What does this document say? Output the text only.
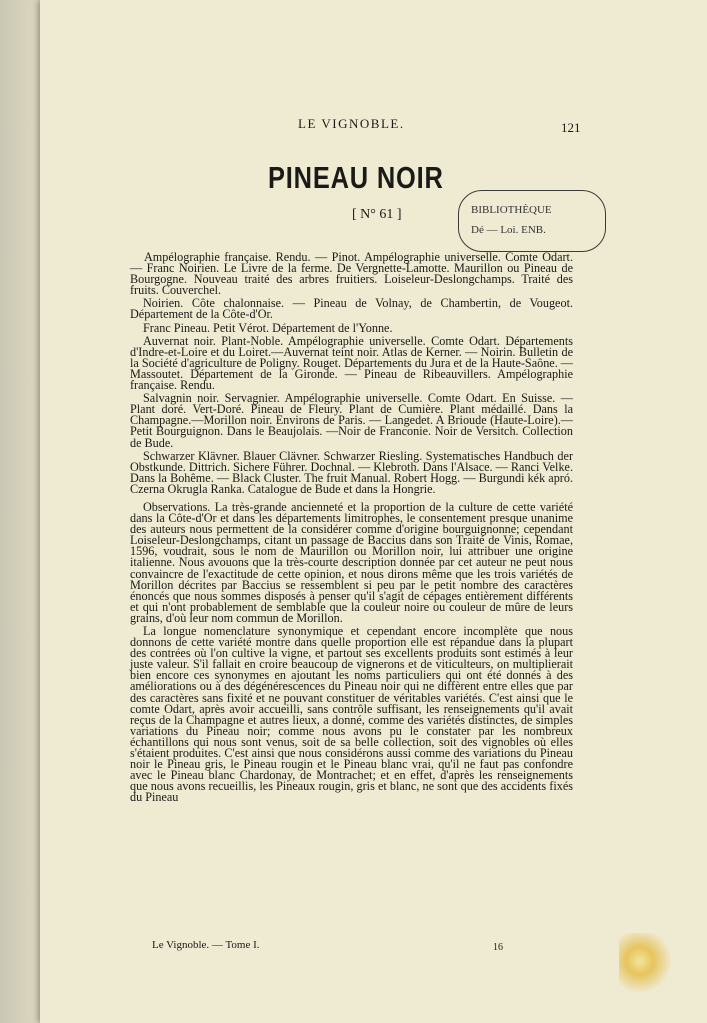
LE VIGNOBLE.	121
PINEAU NOIR
[ N° 61 ]	BIBLIOTHÈQUE
Dé — Loi. ENB.

Ampélographie française. Rendu. — Pinot. Ampélographie universelle. Comte Odart. — Franc Noirien. Le Livre de la ferme. De Vergnette-Lamotte. Maurillon ou Pineau de Bourgogne. Nouveau traité des arbres fruitiers. Loiseleur-Deslongchamps. Traité des fruits. Couverchel.

Noirien. Côte chalonnaise. — Pineau de Volnay, de Chambertin, de Vougeot. Département de la Côte-d'Or.

Franc Pineau. Petit Vérot. Département de l'Yonne.

Auvernat noir. Plant-Noble. Ampélographie universelle. Comte Odart. Départements d'Indre-et-Loire et du Loiret.—Auvernat teint noir. Atlas de Kerner. — Noirin. Bulletin de la Société d'agriculture de Poligny. Rouget. Départements du Jura et de la Haute-Saône. —Massoutet. Département de la Gironde. — Pineau de Ribeauvillers. Ampélographie française. Rendu.

Salvagnin noir. Servagnier. Ampélographie universelle. Comte Odart. En Suisse. — Plant doré. Vert-Doré. Pineau de Fleury. Plant de Cumière. Plant médaillé. Dans la Champagne.—Morillon noir. Environs de Paris. — Langedet. A Brioude (Haute-Loire).— Petit Bourguignon. Dans le Beaujolais. —Noir de Franconie. Noir de Versitch. Collection de Bude.

Schwarzer Klävner. Blauer Clävner. Schwarzer Riesling. Systematisches Handbuch der Obstkunde. Dittrich. Sichere Führer. Dochnal. — Klebroth. Dans l'Alsace. — Ranci Velke. Dans la Bohême. — Black Cluster. The fruit Manual. Robert Hogg. — Burgundi kék apró. Czerna Okrugla Ranka. Catalogue de Bude et dans la Hongrie.

Observations. La très-grande ancienneté et la proportion de la culture de cette variété dans la Côte-d'Or et dans les départements limitrophes, le consentement presque unanime des auteurs nous permettent de la considérer comme d'origine bourguignonne; cependant Loiseleur-Deslongchamps, citant un passage de Baccius dans son Traité de Vinis, Romae, 1596, voudrait, sous le nom de Maurillon ou Morillon noir, lui attribuer une origine italienne. Nous avouons que la très-courte description donnée par cet auteur ne peut nous convaincre de l'exactitude de cette opinion, et nous dirons même que les trois variétés de Morillon décrites par Baccius se ressemblent si peu par le petit nombre des caractères énoncés que nous sommes disposés à penser qu'il s'agit de cépages entièrement différents et qui n'ont probablement de semblable que la couleur noire ou couleur de mûre de leurs grains, d'où leur nom commun de Morillon.

La longue nomenclature synonymique et cependant encore incomplète que nous donnons de cette variété montre dans quelle proportion elle est répandue dans la plupart des contrées où l'on cultive la vigne, et partout ses excellents produits sont estimés à leur juste valeur. S'il fallait en croire beaucoup de vignerons et de viticulteurs, on multiplierait bien encore ces synonymes en ajoutant les noms particuliers qui ont été donnés à des améliorations ou à des dégénérescences du Pineau noir qui ne diffèrent entre elles que par des caractères sans fixité et ne pouvant constituer de véritables variétés. C'est ainsi que le comte Odart, après avoir accueilli, sans contrôle suffisant, les renseignements qu'il avait reçus de la Champagne et autres lieux, a donné, comme des variétés distinctes, de simples variations du Pineau noir; comme nous avons pu le constater par les nombreux échantillons qui nous sont venus, soit de sa belle collection, soit des vignobles où elles s'étaient produites. C'est ainsi que nous considérons aussi comme des variations du Pineau noir le Pineau gris, le Pineau rougin et le Pineau blanc vrai, qu'il ne faut pas confondre avec le Pineau blanc Chardonay, de Montrachet; et en effet, d'après les renseignements que nous avons recueillis, les Pineaux rougin, gris et blanc, ne sont que des accidents fixés du Pineau

Le Vignoble. — Tome I.	16
